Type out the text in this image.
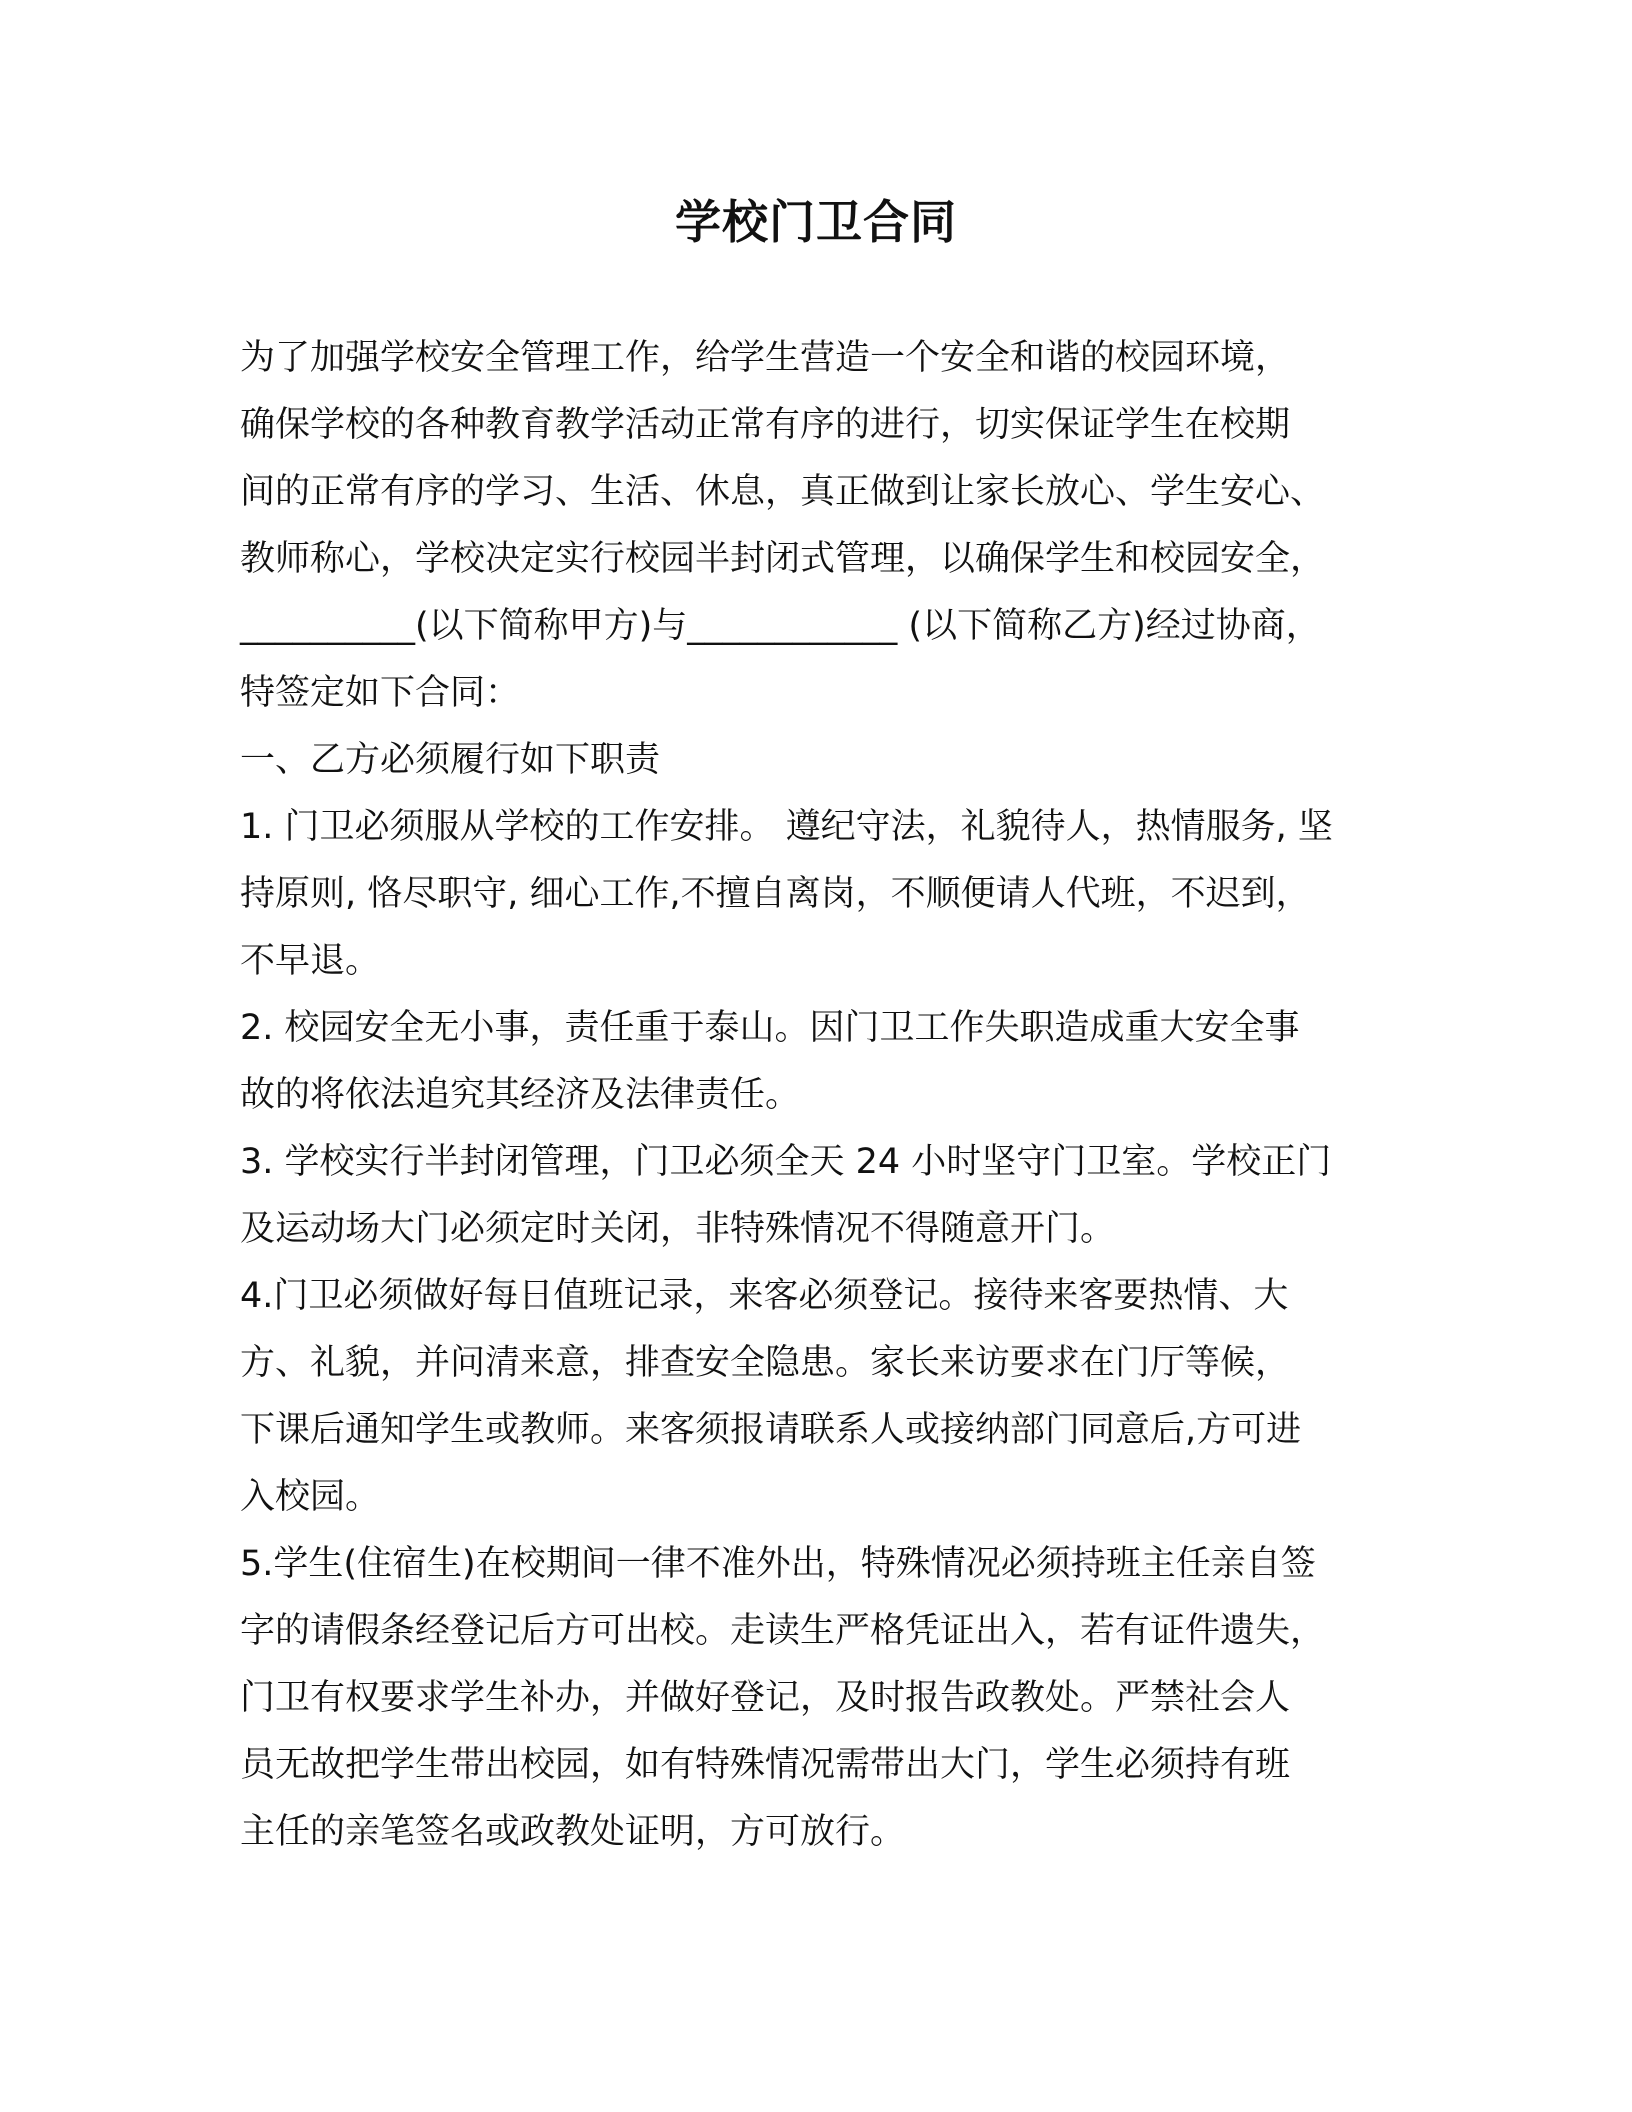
学校门卫合同
为了加强学校安全管理工作，给学生营造一个安全和谐的校园环境，
确保学校的各种教育教学活动正常有序的进行，切实保证学生在校期
间的正常有序的学习、生活、休息，真正做到让家长放心、学生安心、
教师称心，学校决定实行校园半封闭式管理，以确保学生和校园安全，
__________(以下简称甲方)与____________ (以下简称乙方)经过协商，
特签定如下合同：
一、乙方必须履行如下职责
1. 门卫必须服从学校的工作安排。 遵纪守法，礼貌待人，热情服务, 坚
持原则, 恪尽职守, 细心工作,不擅自离岗，不顺便请人代班，不迟到，
不早退。
2. 校园安全无小事，责任重于泰山。因门卫工作失职造成重大安全事
故的将依法追究其经济及法律责任。
3. 学校实行半封闭管理，门卫必须全天 24 小时坚守门卫室。学校正门
及运动场大门必须定时关闭，非特殊情况不得随意开门。
4.门卫必须做好每日值班记录，来客必须登记。接待来客要热情、大
方、礼貌，并问清来意，排查安全隐患。家长来访要求在门厅等候，
下课后通知学生或教师。来客须报请联系人或接纳部门同意后,方可进
入校园。
5.学生(住宿生)在校期间一律不准外出，特殊情况必须持班主任亲自签
字的请假条经登记后方可出校。走读生严格凭证出入，若有证件遗失，
门卫有权要求学生补办，并做好登记，及时报告政教处。严禁社会人
员无故把学生带出校园，如有特殊情况需带出大门，学生必须持有班
主任的亲笔签名或政教处证明，方可放行。
